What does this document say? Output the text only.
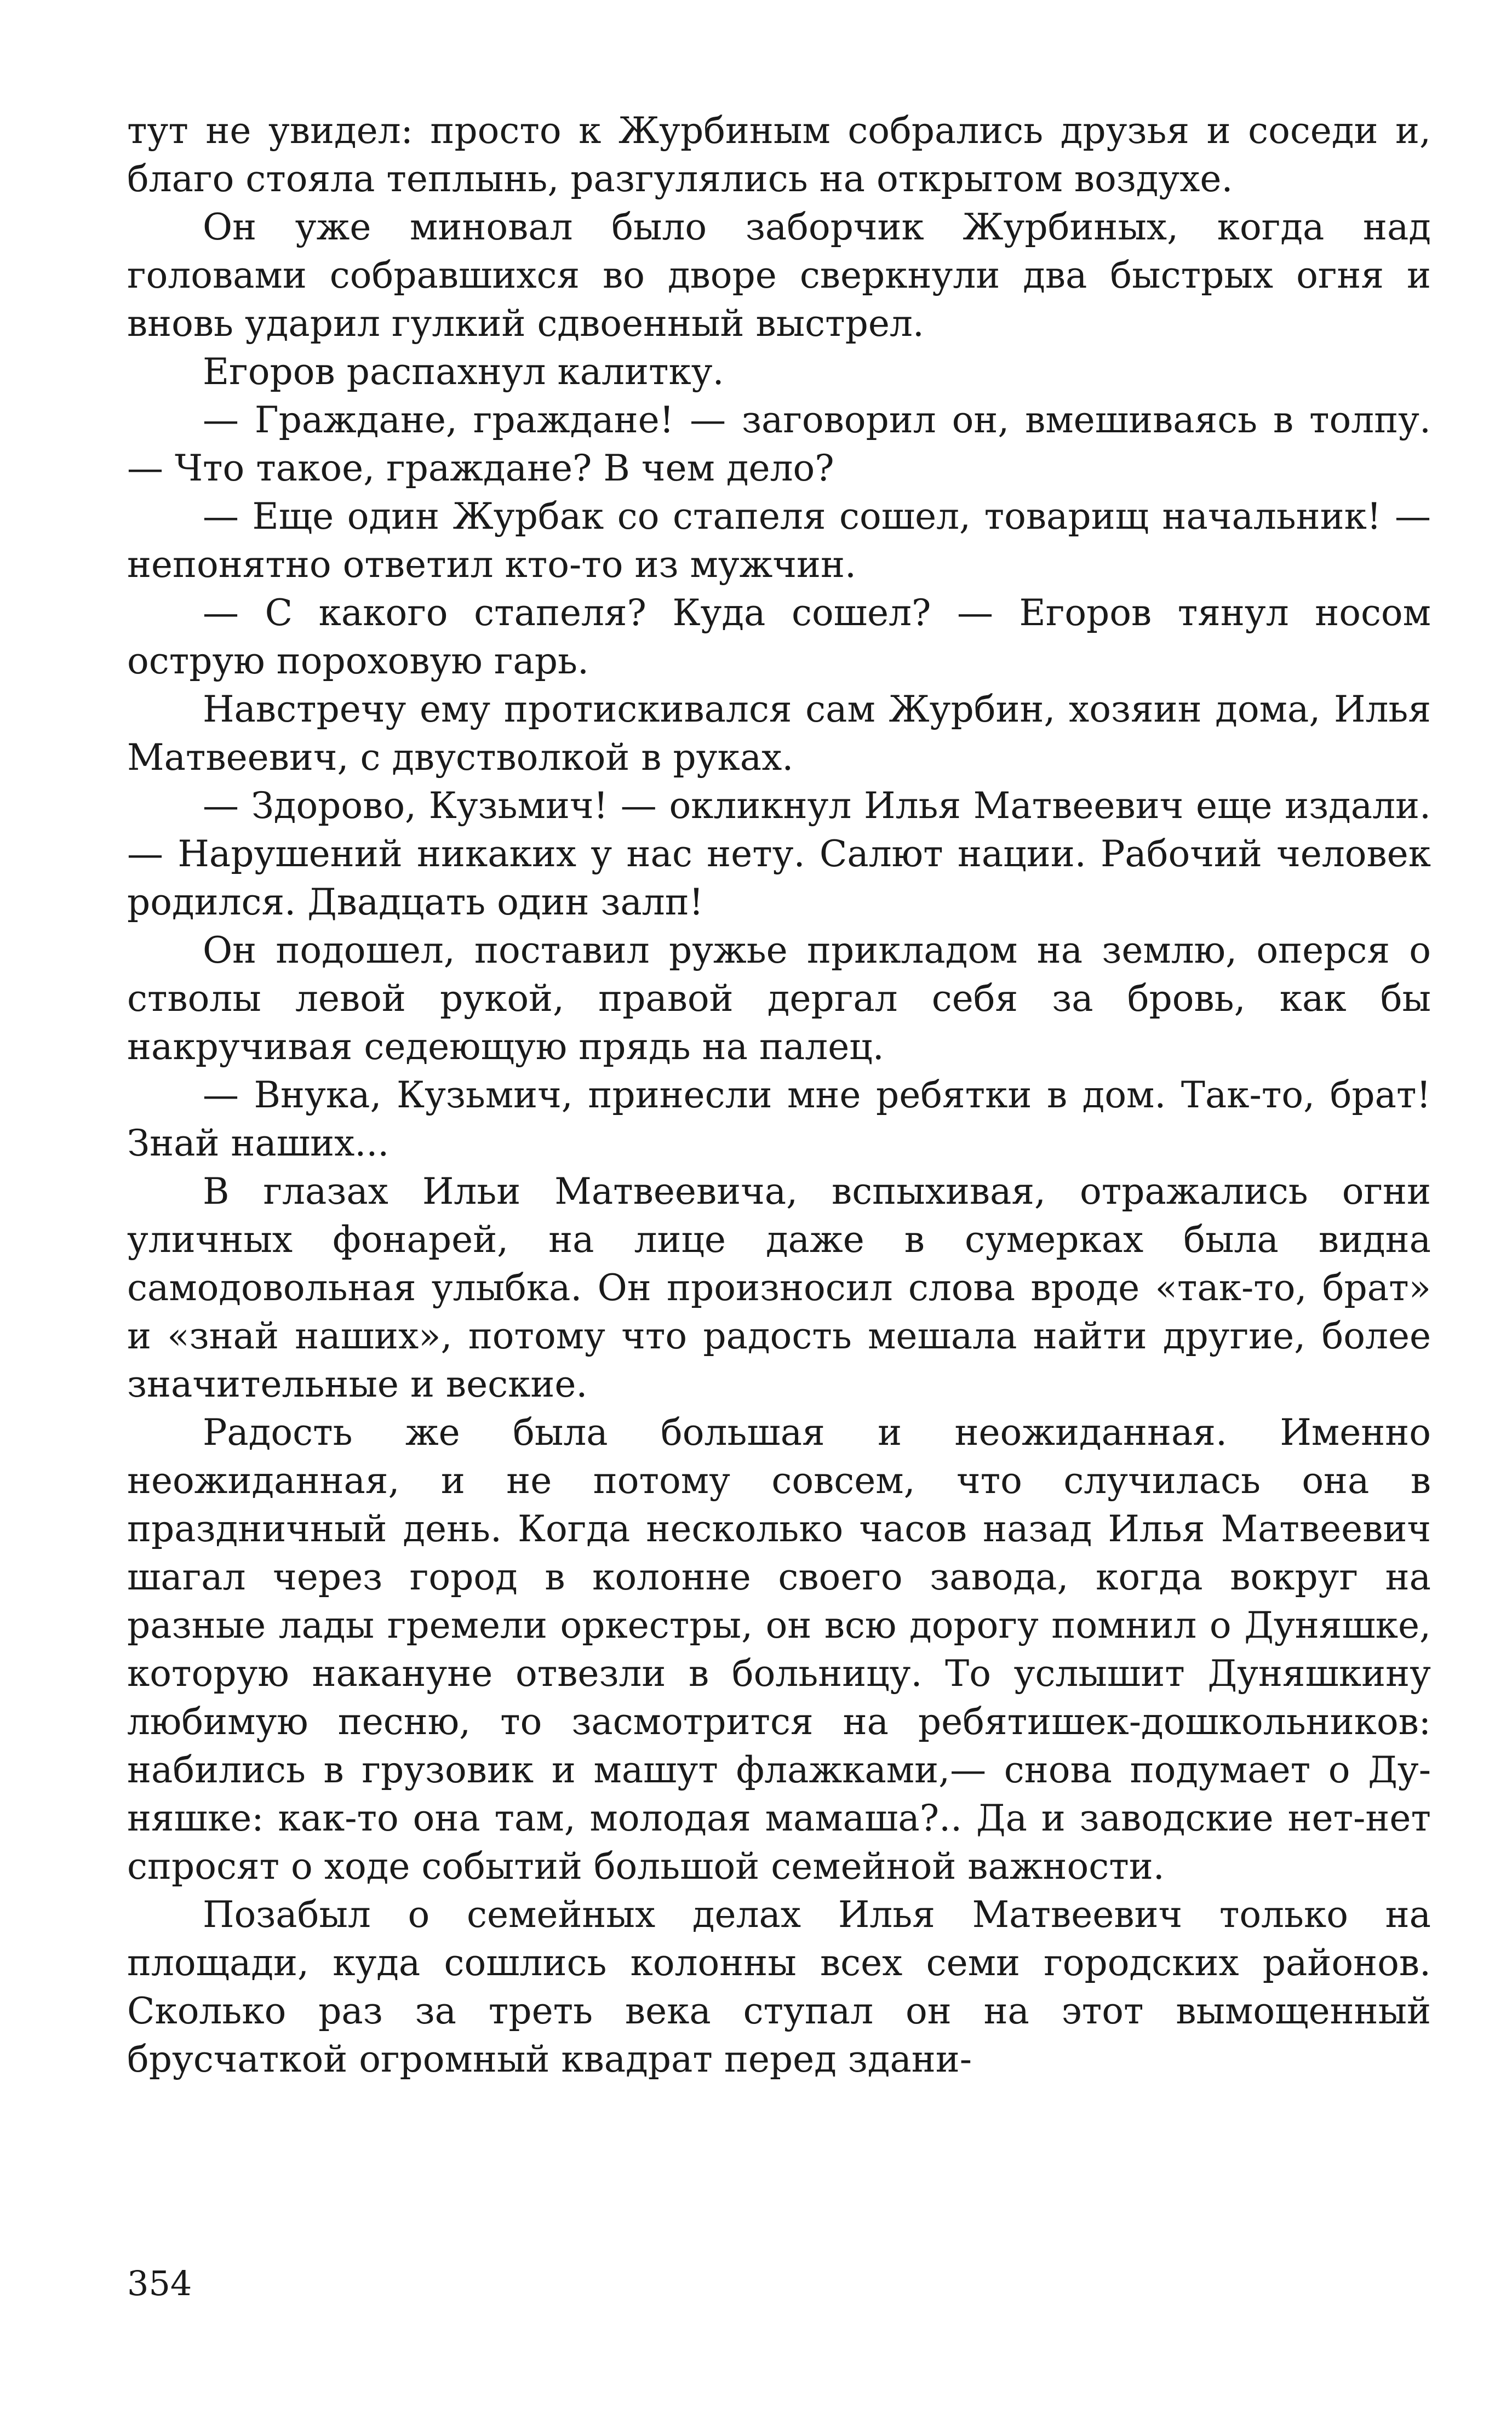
тут не увидел: просто к Журбиным собрались друзья и соседи и, благо стояла теплынь, разгулялись на открытом воздухе.

Он уже миновал было заборчик Журбиных, когда над головами собравшихся во дворе сверкнули два быстрых огня и вновь ударил гулкий сдвоенный выстрел.

Егоров распахнул калитку.

— Граждане, граждане! — заговорил он, вмешиваясь в толпу.— Что такое, граждане? В чем дело?

— Еще один Журбак со стапеля сошел, товарищ начальник! — непонятно ответил кто-то из мужчин.

— С какого стапеля? Куда сошел? — Егоров тянул носом острую пороховую гарь.

Навстречу ему протискивался сам Журбин, хозяин дома, Илья Матвеевич, с двустволкой в руках.

— Здорово, Кузьмич! — окликнул Илья Матвеевич еще издали. — Нарушений никаких у нас нету. Салют нации. Рабочий человек родился. Двадцать один залп!

Он подошел, поставил ружье прикладом на землю, оперся о стволы левой рукой, правой дергал себя за бровь, как бы накручивая седеющую прядь на палец.

— Внука, Кузьмич, принесли мне ребятки в дом. Так-то, брат! Знай наших...

В глазах Ильи Матвеевича, вспыхивая, отражались огни уличных фонарей, на лице даже в сумерках была видна самодовольная улыбка. Он произносил слова вроде «так-то, брат» и «знай наших», потому что радость мешала найти другие, более значительные и веские.

Радость же была большая и неожиданная. Именно неожиданная, и не потому совсем, что случилась она в праздничный день. Когда несколько часов назад Илья Матвеевич шагал через город в колонне своего завода, когда вокруг на разные лады гремели оркестры, он всю дорогу помнил о Дуняшке, которую накануне отвезли в больницу. То услышит Дуняшкину любимую песню, то засмотрится на ребятишек-дошкольников: набились в грузовик и машут флажками,— снова подумает о Дуняшке: как-то она там, молодая мамаша?.. Да и заводские нет-нет спросят о ходе событий большой семейной важности.

Позабыл о семейных делах Илья Матвеевич только на площади, куда сошлись колонны всех семи городских районов. Сколько раз за треть века ступал он на этот вымощенный брусчаткой огромный квадрат перед здани-

354
